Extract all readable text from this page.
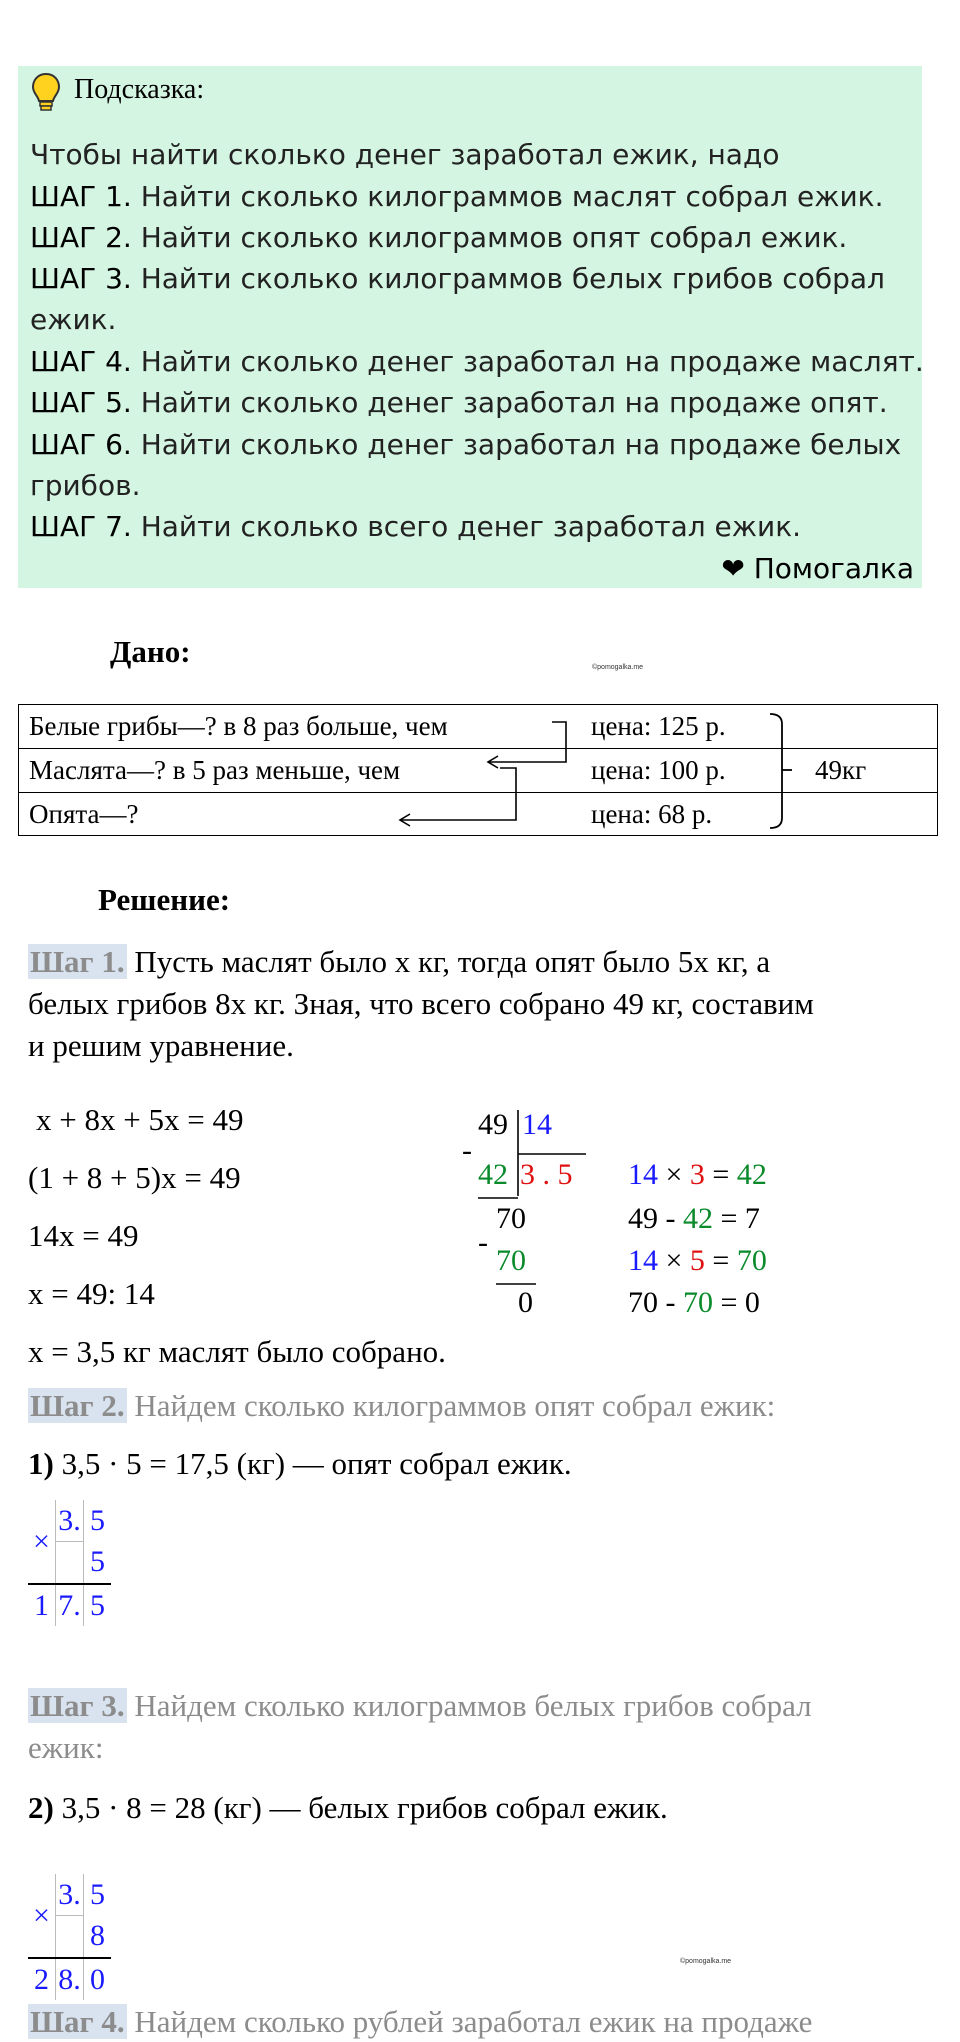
Подсказка:
Чтобы найти сколько денег заработал ежик, надо
ШАГ 1. Найти сколько килограммов маслят собрал ежик.
ШАГ 2. Найти сколько килограммов опят собрал ежик.
ШАГ 3. Найти сколько килограммов белых грибов собрал
ежик.
ШАГ 4. Найти сколько денег заработал на продаже маслят.
ШАГ 5. Найти сколько денег заработал на продаже опят.
ШАГ 6. Найти сколько денег заработал на продаже белых
грибов.
ШАГ 7. Найти сколько всего денег заработал ежик.
❤ Помогалка
Дано:	©pomogalka.me
Белые грибы—? в 8 раз больше, чем	цена: 125 р.
Маслята—? в 5 раз меньше, чем	цена: 100 р.	49кг
Опята—?	цена: 68 р.
Решение:
Шаг 1. Пусть маслят было x кг, тогда опят было 5x кг, а
белых грибов 8x кг. Зная, что всего собрано 49 кг, составим
и решим уравнение.
x + 8x + 5x = 49
(1 + 8 + 5)x = 49
14x = 49
x = 49: 14
x = 3,5 кг маслят было собрано.
49 14
-
42 3 . 5
70
-
70
0
14 × 3 = 42
49 - 42 = 7
14 × 5 = 70
70 - 70 = 0
Шаг 2. Найдем сколько килограммов опят собрал ежик:
1) 3,5 · 5 = 17,5 (кг) — опят собрал ежик.
×	3.	5
		5
1	7.	5
Шаг 3. Найдем сколько килограммов белых грибов собрал
ежик:
2) 3,5 · 8 = 28 (кг) — белых грибов собрал ежик.
×	3.	5
		8
2	8.	0
©pomogalka.me
Шаг 4. Найдем сколько рублей заработал ежик на продаже
